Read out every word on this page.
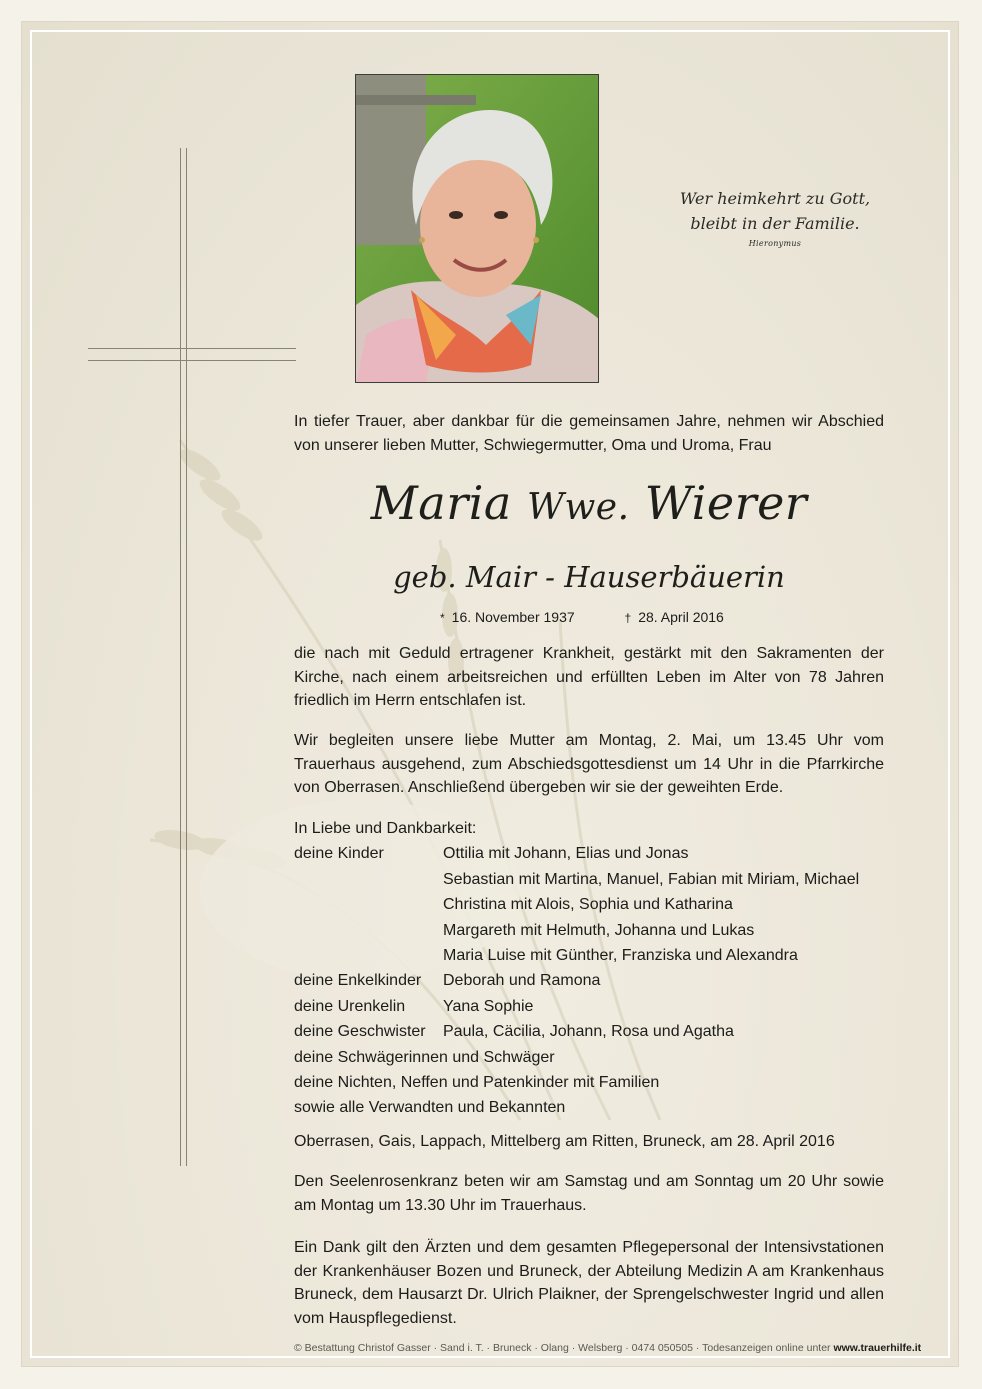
Wer heimkehrt zu Gott,
bleibt in der Familie.
Hieronymus
In tiefer Trauer, aber dankbar für die gemeinsamen Jahre, nehmen wir Abschied von unserer lieben Mutter, Schwiegermutter, Oma und Uroma, Frau
Maria Wwe. Wierer
geb. Mair - Hauserbäuerin
* 16. November 1937	† 28. April 2016
die nach mit Geduld ertragener Krankheit, gestärkt mit den Sakramenten der Kirche, nach einem arbeitsreichen und erfüllten Leben im Alter von 78 Jahren friedlich im Herrn entschlafen ist.
Wir begleiten unsere liebe Mutter am Montag, 2. Mai, um 13.45 Uhr vom Trauerhaus ausgehend, zum Abschiedsgottesdienst um 14 Uhr in die Pfarrkirche von Oberrasen. Anschließend übergeben wir sie der geweihten Erde.
In Liebe und Dankbarkeit:
deine Kinder	Ottilia mit Johann, Elias und Jonas
Sebastian mit Martina, Manuel, Fabian mit Miriam, Michael
Christina mit Alois, Sophia und Katharina
Margareth mit Helmuth, Johanna und Lukas
Maria Luise mit Günther, Franziska und Alexandra
deine Enkelkinder Deborah und Ramona
deine Urenkelin Yana Sophie
deine Geschwister Paula, Cäcilia, Johann, Rosa und Agatha
deine Schwägerinnen und Schwäger
deine Nichten, Neffen und Patenkinder mit Familien
sowie alle Verwandten und Bekannten
Oberrasen, Gais, Lappach, Mittelberg am Ritten, Bruneck, am 28. April 2016
Den Seelenrosenkranz beten wir am Samstag und am Sonntag um 20 Uhr sowie am Montag um 13.30 Uhr im Trauerhaus.
Ein Dank gilt den Ärzten und dem gesamten Pflegepersonal der Intensivstationen der Krankenhäuser Bozen und Bruneck, der Abteilung Medizin A am Krankenhaus Bruneck, dem Hausarzt Dr. Ulrich Plaikner, der Sprengelschwester Ingrid und allen vom Hauspflegedienst.
© Bestattung Christof Gasser · Sand i. T. · Bruneck · Olang · Welsberg · 0474 050505 · Todesanzeigen online unter www.trauerhilfe.it
